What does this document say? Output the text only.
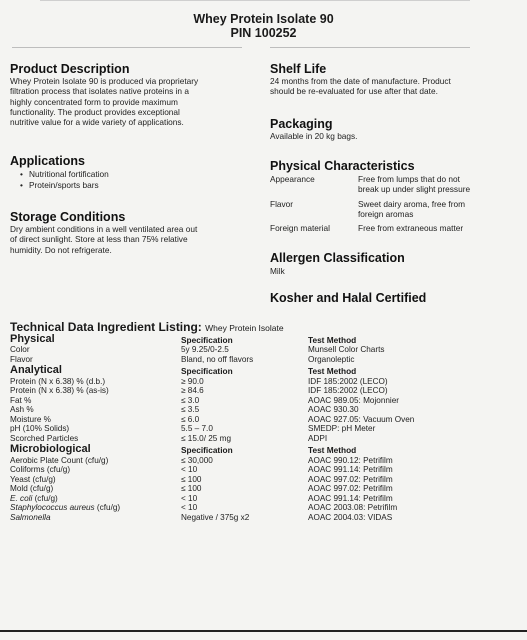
Whey Protein Isolate 90
PIN 100252
Product Description
Whey Protein Isolate 90 is produced via proprietary
filtration process that isolates native proteins in a
highly concentrated form to provide maximum
functionality. The product provides exceptional
nutritive value for a wide variety of applications.
Applications
• Nutritional fortification
• Protein/sports bars
Storage Conditions
Dry ambient conditions in a well ventilated area out
of direct sunlight. Store at less than 75% relative
humidity. Do not refrigerate.
Shelf Life
24 months from the date of manufacture. Product
should be re-evaluated for use after that date.
Packaging
Available in 20 kg bags.
Physical Characteristics
Appearance	Free from lumps that do not
break up under slight pressure
Flavor	Sweet dairy aroma, free from
foreign aromas
Foreign material	Free from extraneous matter
Allergen Classification
Milk
Kosher and Halal Certified
Technical Data Ingredient Listing: Whey Protein Isolate
Physical	Specification	Test Method
Color	5y 9.25/0-2.5	Munsell Color Charts
Flavor	Bland, no off flavors	Organoleptic
Analytical	Specification	Test Method
Protein (N x 6.38) % (d.b.)	≥ 90.0	IDF 185:2002 (LECO)
Protein (N x 6.38) % (as-is)	≥ 84.6	IDF 185:2002 (LECO)
Fat %	≤ 3.0	AOAC 989.05: Mojonnier
Ash %	≤ 3.5	AOAC 930.30
Moisture %	≤ 6.0	AOAC 927.05: Vacuum Oven
pH (10% Solids)	5.5 – 7.0	SMEDP: pH Meter
Scorched Particles	≤ 15.0/ 25 mg	ADPI
Microbiological	Specification	Test Method
Aerobic Plate Count (cfu/g)	≤ 30,000	AOAC 990.12: Petrifilm
Coliforms (cfu/g)	< 10	AOAC 991.14: Petrifilm
Yeast (cfu/g)	≤ 100	AOAC 997.02: Petrifilm
Mold (cfu/g)	≤ 100	AOAC 997.02: Petrifilm
E. coli (cfu/g)	< 10	AOAC 991.14: Petrifilm
Staphylococcus aureus (cfu/g)	< 10	AOAC 2003.08: Petrifilm
Salmonella	Negative / 375g x2	AOAC 2004.03: VIDAS
